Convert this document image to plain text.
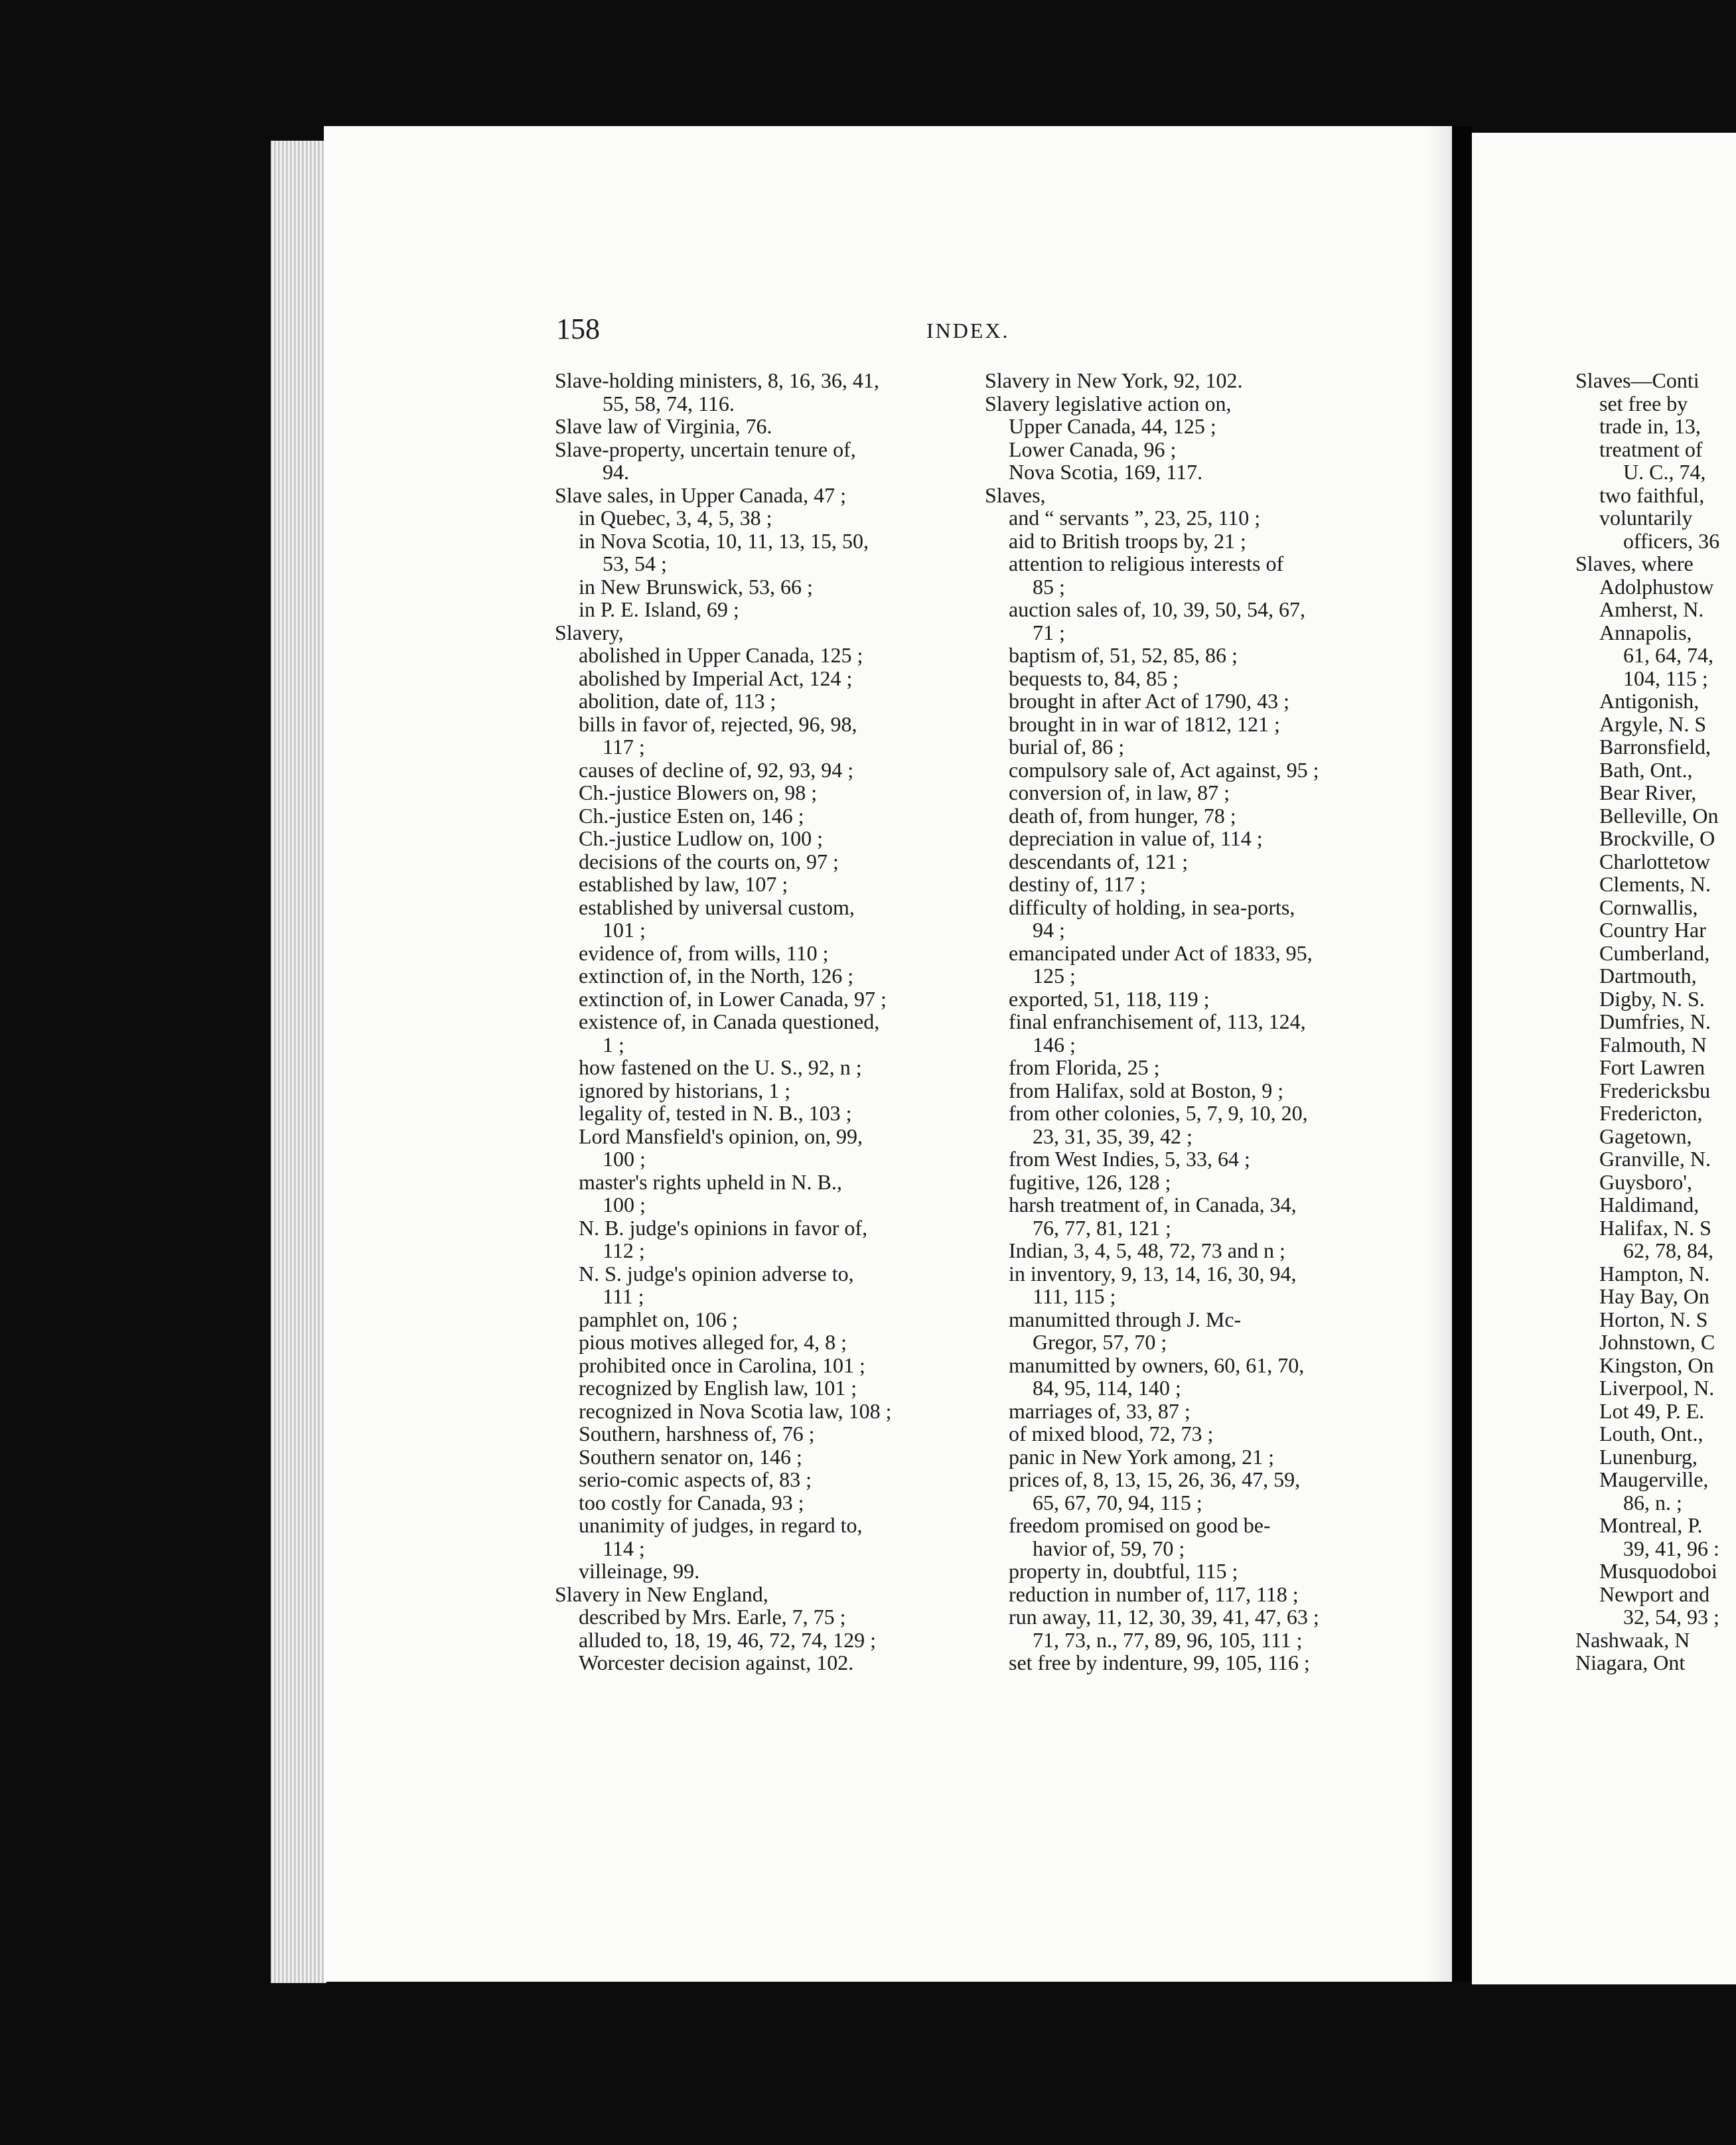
158	INDEX.
Slave-holding ministers, 8, 16, 36, 41,
55, 58, 74, 116.
Slave law of Virginia, 76.
Slave-property, uncertain tenure of,
94.
Slave sales, in Upper Canada, 47 ;
in Quebec, 3, 4, 5, 38 ;
in Nova Scotia, 10, 11, 13, 15, 50,
53, 54 ;
in New Brunswick, 53, 66 ;
in P. E. Island, 69 ;
Slavery,
abolished in Upper Canada, 125 ;
abolished by Imperial Act, 124 ;
abolition, date of, 113 ;
bills in favor of, rejected, 96, 98,
117 ;
causes of decline of, 92, 93, 94 ;
Ch.-justice Blowers on, 98 ;
Ch.-justice Esten on, 146 ;
Ch.-justice Ludlow on, 100 ;
decisions of the courts on, 97 ;
established by law, 107 ;
established by universal custom,
101 ;
evidence of, from wills, 110 ;
extinction of, in the North, 126 ;
extinction of, in Lower Canada, 97 ;
existence of, in Canada questioned,
1 ;
how fastened on the U. S., 92, n ;
ignored by historians, 1 ;
legality of, tested in N. B., 103 ;
Lord Mansfield's opinion, on, 99,
100 ;
master's rights upheld in N. B.,
100 ;
N. B. judge's opinions in favor of,
112 ;
N. S. judge's opinion adverse to,
111 ;
pamphlet on, 106 ;
pious motives alleged for, 4, 8 ;
prohibited once in Carolina, 101 ;
recognized by English law, 101 ;
recognized in Nova Scotia law, 108 ;
Southern, harshness of, 76 ;
Southern senator on, 146 ;
serio-comic aspects of, 83 ;
too costly for Canada, 93 ;
unanimity of judges, in regard to,
114 ;
villeinage, 99.
Slavery in New England,
described by Mrs. Earle, 7, 75 ;
alluded to, 18, 19, 46, 72, 74, 129 ;
Worcester decision against, 102.
Slavery in New York, 92, 102.
Slavery legislative action on,
Upper Canada, 44, 125 ;
Lower Canada, 96 ;
Nova Scotia, 169, 117.
Slaves,
and “ servants ”, 23, 25, 110 ;
aid to British troops by, 21 ;
attention to religious interests of
85 ;
auction sales of, 10, 39, 50, 54, 67,
71 ;
baptism of, 51, 52, 85, 86 ;
bequests to, 84, 85 ;
brought in after Act of 1790, 43 ;
brought in in war of 1812, 121 ;
burial of, 86 ;
compulsory sale of, Act against, 95 ;
conversion of, in law, 87 ;
death of, from hunger, 78 ;
depreciation in value of, 114 ;
descendants of, 121 ;
destiny of, 117 ;
difficulty of holding, in sea-ports,
94 ;
emancipated under Act of 1833, 95,
125 ;
exported, 51, 118, 119 ;
final enfranchisement of, 113, 124,
146 ;
from Florida, 25 ;
from Halifax, sold at Boston, 9 ;
from other colonies, 5, 7, 9, 10, 20,
23, 31, 35, 39, 42 ;
from West Indies, 5, 33, 64 ;
fugitive, 126, 128 ;
harsh treatment of, in Canada, 34,
76, 77, 81, 121 ;
Indian, 3, 4, 5, 48, 72, 73 and n ;
in inventory, 9, 13, 14, 16, 30, 94,
111, 115 ;
manumitted through J. Mc-
Gregor, 57, 70 ;
manumitted by owners, 60, 61, 70,
84, 95, 114, 140 ;
marriages of, 33, 87 ;
of mixed blood, 72, 73 ;
panic in New York among, 21 ;
prices of, 8, 13, 15, 26, 36, 47, 59,
65, 67, 70, 94, 115 ;
freedom promised on good be-
havior of, 59, 70 ;
property in, doubtful, 115 ;
reduction in number of, 117, 118 ;
run away, 11, 12, 30, 39, 41, 47, 63 ;
71, 73, n., 77, 89, 96, 105, 111 ;
set free by indenture, 99, 105, 116 ;
Slaves—Conti
set free by
trade in, 13,
treatment of
U. C., 74,
two faithful,
voluntarily
officers, 36
Slaves, where
Adolphustow
Amherst, N.
Annapolis,
61, 64, 74,
104, 115 ;
Antigonish,
Argyle, N. S
Barronsfield,
Bath, Ont.,
Bear River,
Belleville, On
Brockville, O
Charlottetow
Clements, N.
Cornwallis,
Country Har
Cumberland,
Dartmouth,
Digby, N. S.
Dumfries, N.
Falmouth, N
Fort Lawren
Fredericksbu
Fredericton,
Gagetown,
Granville, N.
Guysboro',
Haldimand,
Halifax, N. S
62, 78, 84,
Hampton, N.
Hay Bay, On
Horton, N. S
Johnstown, C
Kingston, On
Liverpool, N.
Lot 49, P. E.
Louth, Ont.,
Lunenburg,
Maugerville,
86, n. ;
Montreal, P.
39, 41, 96 :
Musquodoboi
Newport and
32, 54, 93 ;
Nashwaak, N
Niagara, Ont
